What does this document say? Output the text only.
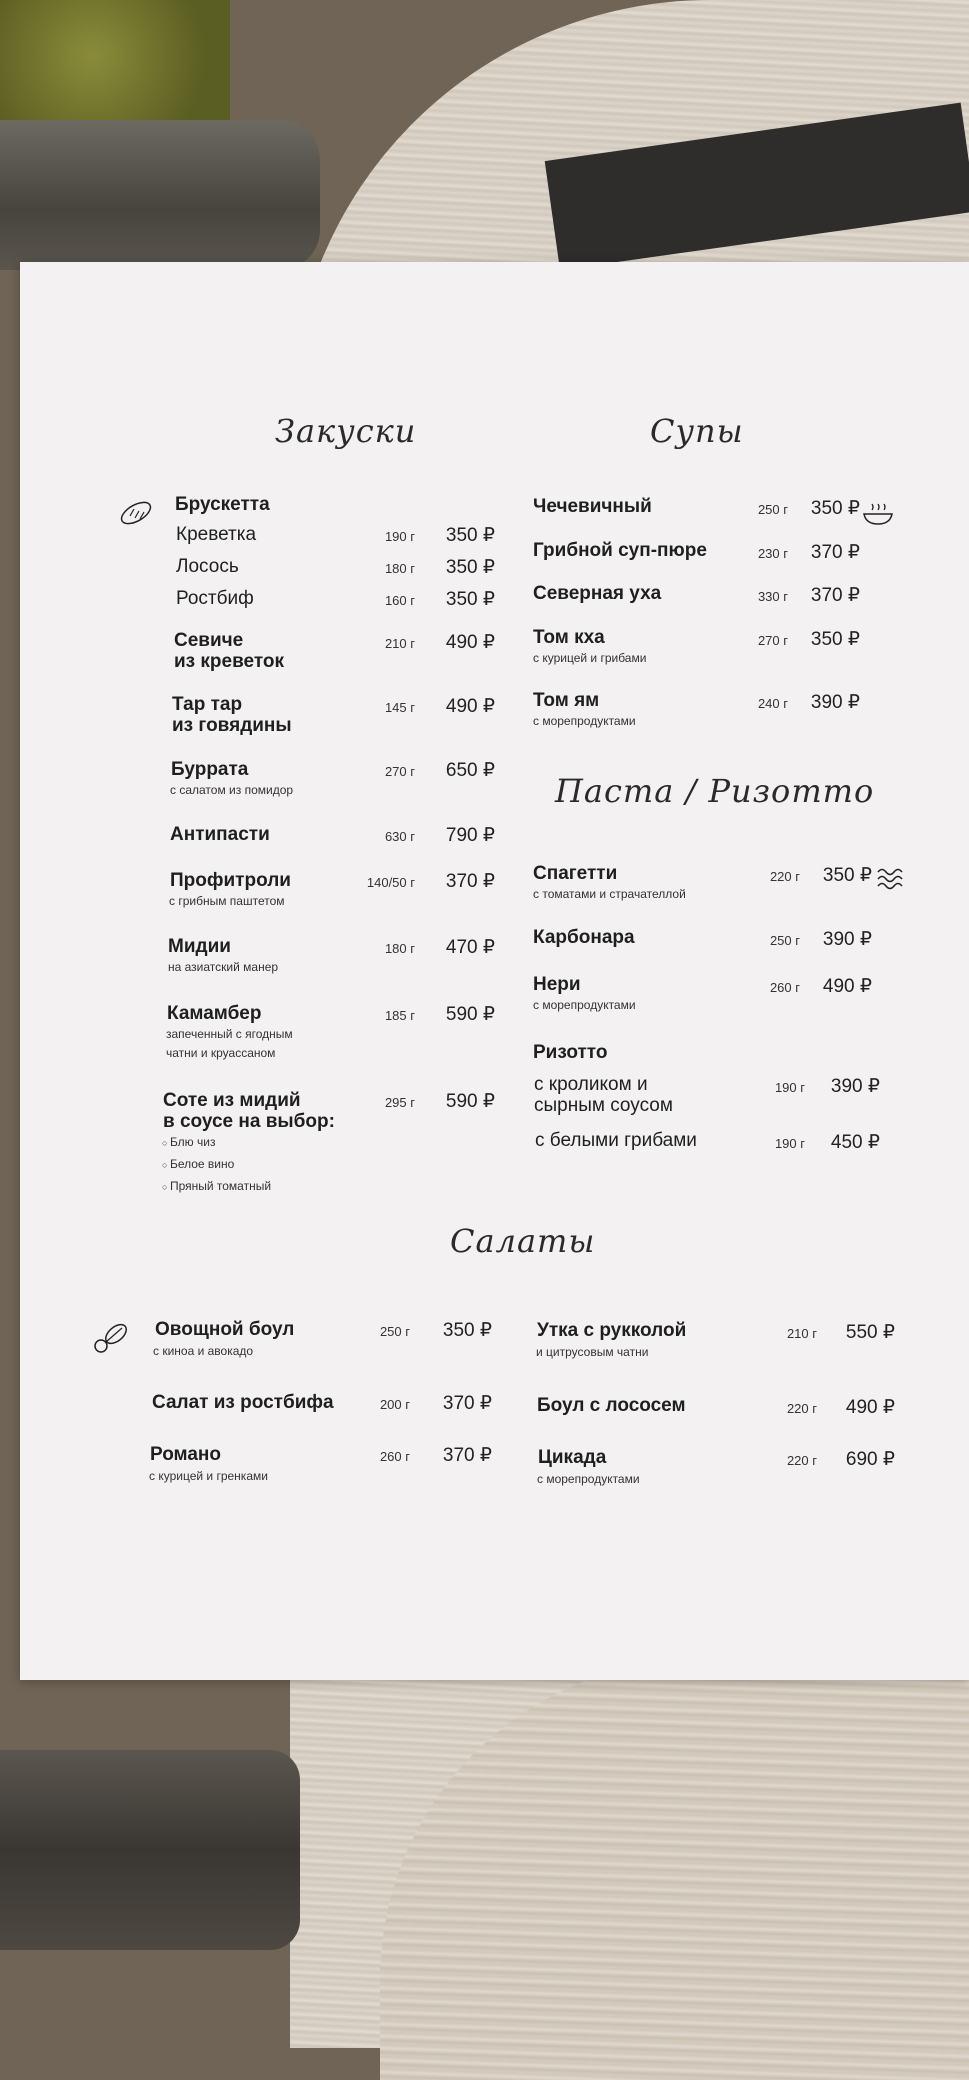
Закуски	Супы
Паста / Ризотто
Салаты
Брускетта
Креветка	190 г	350 ₽
Лосось	180 г	350 ₽
Ростбиф	160 г	350 ₽
Севиче
из креветок
210 г	490 ₽
Тар тар
из говядины
145 г	490 ₽
Буррата
с салатом из помидор
270 г	650 ₽
Антипасти	630 г	790 ₽
Профитроли
с грибным паштетом
140/50 г	370 ₽
Мидии
на азиатский манер
180 г	470 ₽
Камамбер
запеченный с ягодным
чатни и круассаном
185 г	590 ₽
Соте из мидий
в соусе на выбор:
295 г	590 ₽
○ Блю чиз
○ Белое вино
○ Пряный томатный
Чечевичный	250 г	350 ₽
Грибной суп-пюре	230 г	370 ₽
Северная уха	330 г	370 ₽
Том кха
с курицей и грибами
270 г	350 ₽
Том ям
с морепродуктами
240 г	390 ₽
Спагетти
с томатами и страчателлой
220 г	350 ₽
Карбонара	250 г	390 ₽
Нери
с морепродуктами
260 г	490 ₽
Ризотто
с кроликом и
сырным соусом
190 г	390 ₽
с белыми грибами	190 г	450 ₽
Овощной боул
с киноа и авокадо
250 г	350 ₽
Салат из ростбифа	200 г	370 ₽
Романо
с курицей и гренками
260 г	370 ₽
Утка с рукколой
и цитрусовым чатни
210 г	550 ₽
Боул с лососем	220 г	490 ₽
Цикада
с морепродуктами
220 г	690 ₽
